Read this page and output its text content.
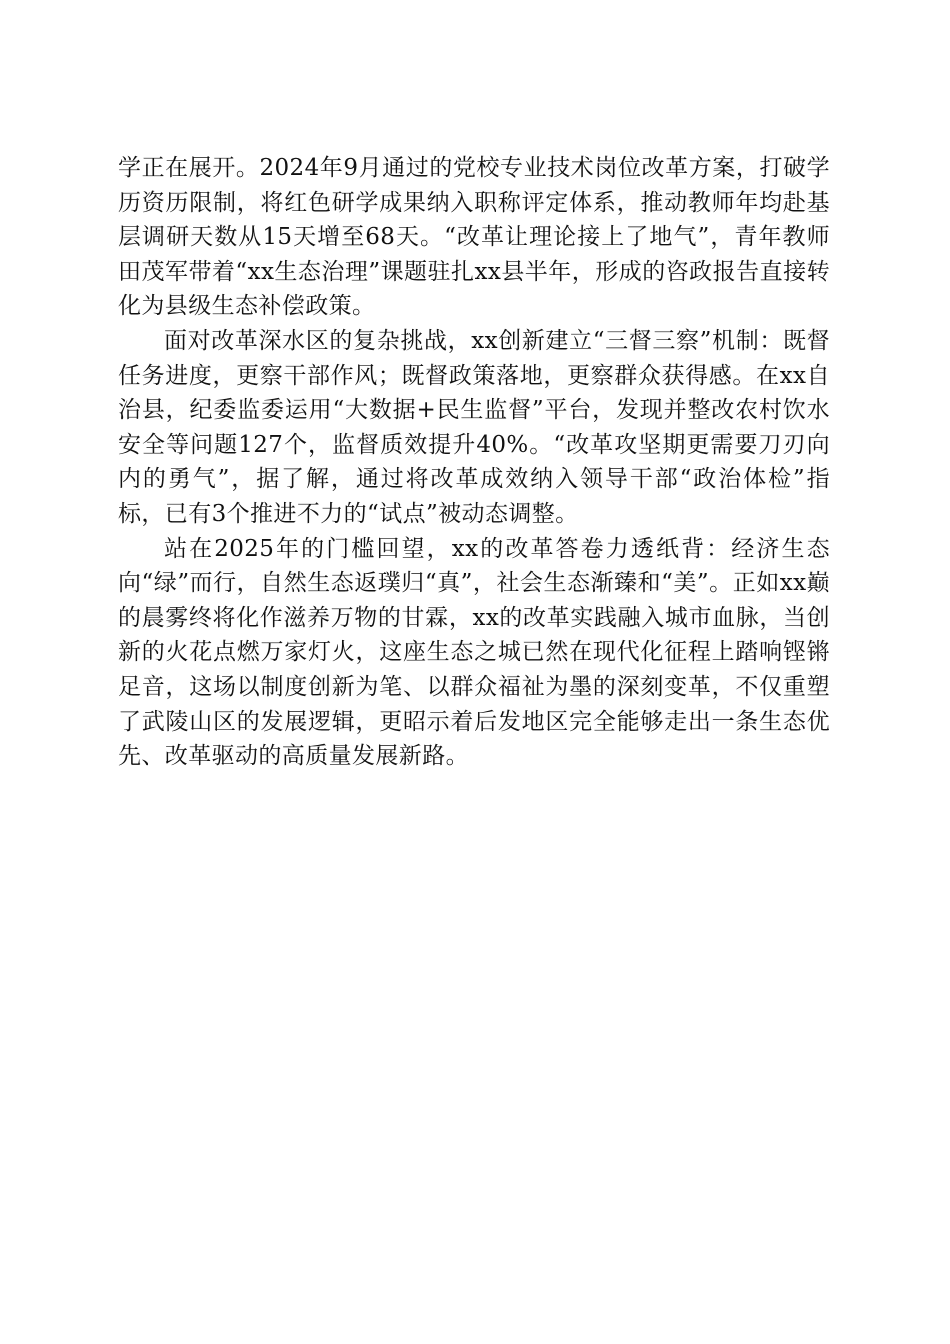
学正在展开。2024年9月通过的党校专业技术岗位改革方案，打破学历资历限制，将红色研学成果纳入职称评定体系，推动教师年均赴基层调研天数从15天增至68天。“改革让理论接上了地气”，青年教师田茂军带着“xx生态治理”课题驻扎xx县半年，形成的咨政报告直接转化为县级生态补偿政策。

面对改革深水区的复杂挑战，xx创新建立“三督三察”机制：既督任务进度，更察干部作风；既督政策落地，更察群众获得感。在xx自治县，纪委监委运用“大数据+民生监督”平台，发现并整改农村饮水安全等问题127个，监督质效提升40%。“改革攻坚期更需要刀刃向内的勇气”，据了解，通过将改革成效纳入领导干部“政治体检”指标，已有3个推进不力的“试点”被动态调整。

站在2025年的门槛回望，xx的改革答卷力透纸背：经济生态向“绿”而行，自然生态返璞归“真”，社会生态渐臻和“美”。正如xx巅的晨雾终将化作滋养万物的甘霖，xx的改革实践融入城市血脉，当创新的火花点燃万家灯火，这座生态之城已然在现代化征程上踏响铿锵足音，这场以制度创新为笔、以群众福祉为墨的深刻变革，不仅重塑了武陵山区的发展逻辑，更昭示着后发地区完全能够走出一条生态优先、改革驱动的高质量发展新路。
